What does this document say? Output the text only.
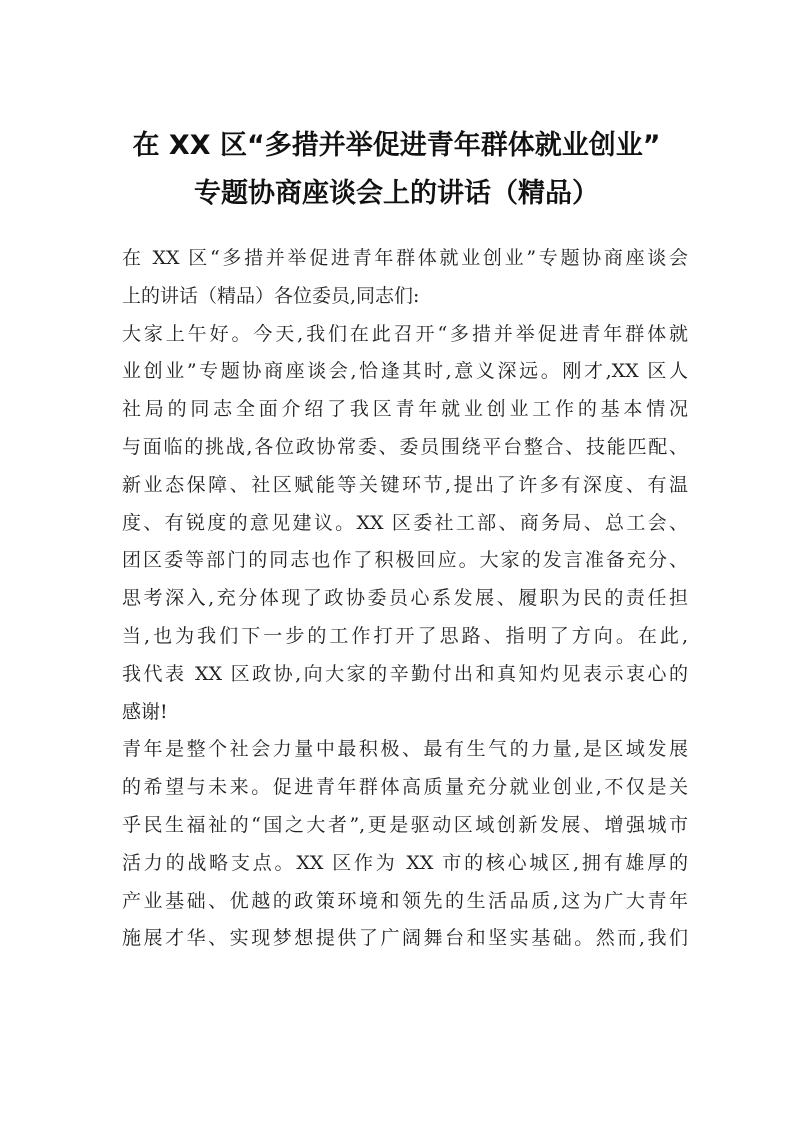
在 XX 区“多措并举促进青年群体就业创业”
专题协商座谈会上的讲话（精品）
在 XX 区“多措并举促进青年群体就业创业”专题协商座谈会
上的讲话（精品）各位委员,同志们:
大家上午好。今天,我们在此召开“多措并举促进青年群体就
业创业”专题协商座谈会,恰逢其时,意义深远。刚才,XX 区人
社局的同志全面介绍了我区青年就业创业工作的基本情况
与面临的挑战,各位政协常委、委员围绕平台整合、技能匹配、
新业态保障、社区赋能等关键环节,提出了许多有深度、有温
度、有锐度的意见建议。XX 区委社工部、商务局、总工会、
团区委等部门的同志也作了积极回应。大家的发言准备充分、
思考深入,充分体现了政协委员心系发展、履职为民的责任担
当,也为我们下一步的工作打开了思路、指明了方向。在此,
我代表 XX 区政协,向大家的辛勤付出和真知灼见表示衷心的
感谢!
青年是整个社会力量中最积极、最有生气的力量,是区域发展
的希望与未来。促进青年群体高质量充分就业创业,不仅是关
乎民生福祉的“国之大者”,更是驱动区域创新发展、增强城市
活力的战略支点。XX 区作为 XX 市的核心城区,拥有雄厚的
产业基础、优越的政策环境和领先的生活品质,这为广大青年
施展才华、实现梦想提供了广阔舞台和坚实基础。然而,我们
